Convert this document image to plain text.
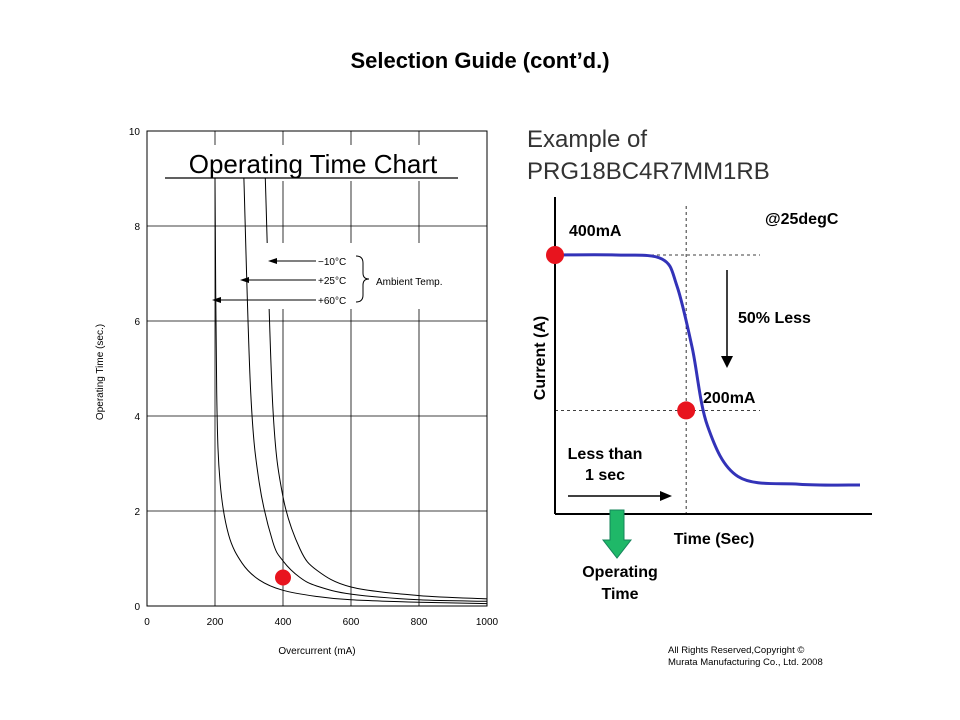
Selection Guide (cont’d.)
0	200	400	600	800	1000
0
2
4
6
8
10
Operating Time Chart
−10°C
+25°C
+60°C
Ambient Temp.
Overcurrent (mA)
Operating Time (sec.)
Example of
PRG18BC4R7MM1RB
@25degC
400mA
200mA
50% Less
Less than
1 sec
Current (A)
Time (Sec)
Operating
Time
All Rights Reserved,Copyright ©
Murata Manufacturing Co., Ltd. 2008
